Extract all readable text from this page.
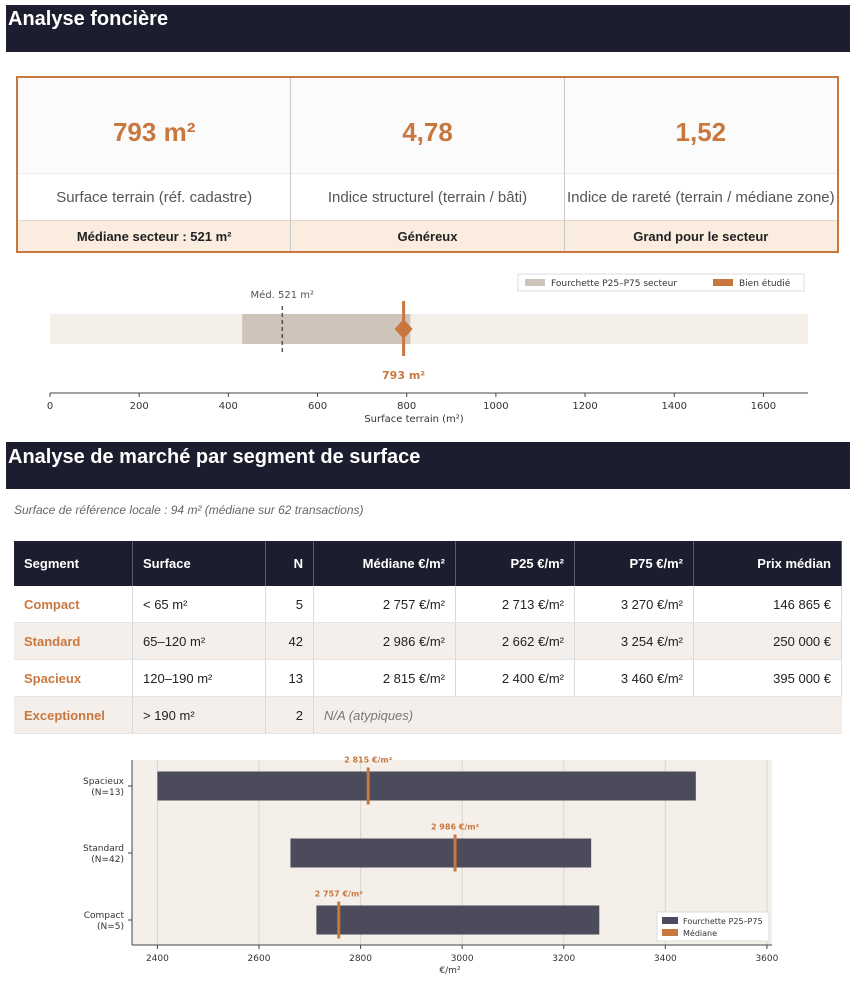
Analyse foncière
793 m²
Surface terrain (réf. cadastre)
Médiane secteur : 521 m²
4,78
Indice structurel (terrain / bâti)
Généreux
1,52
Indice de rareté (terrain / médiane zone)
Grand pour le secteur
Méd. 521 m²
793 m²
0	200	400	600	800	1000	1200	1400	1600
Surface terrain (m²)
Fourchette P25–P75 secteur	Bien étudié
Analyse de marché par segment de surface
Surface de référence locale : 94 m² (médiane sur 62 transactions)
Segment	Surface	N	Médiane €/m²	P25 €/m²	P75 €/m²	Prix médian
Compact	< 65 m²	5	2 757 €/m²	2 713 €/m²	3 270 €/m²	146 865 €
Standard	65–120 m²	42	2 986 €/m²	2 662 €/m²	3 254 €/m²	250 000 €
Spacieux	120–190 m²	13	2 815 €/m²	2 400 €/m²	3 460 €/m²	395 000 €
Exceptionnel	> 190 m²	2	N/A (atypiques)			
2400	2600	2800	3000	3200	3400	3600
€/m²
Spacieux (N=13)
2 815 €/m²
Standard (N=42)
2 986 €/m²
Compact (N=5)
2 757 €/m²
Fourchette P25–P75
Médiane
